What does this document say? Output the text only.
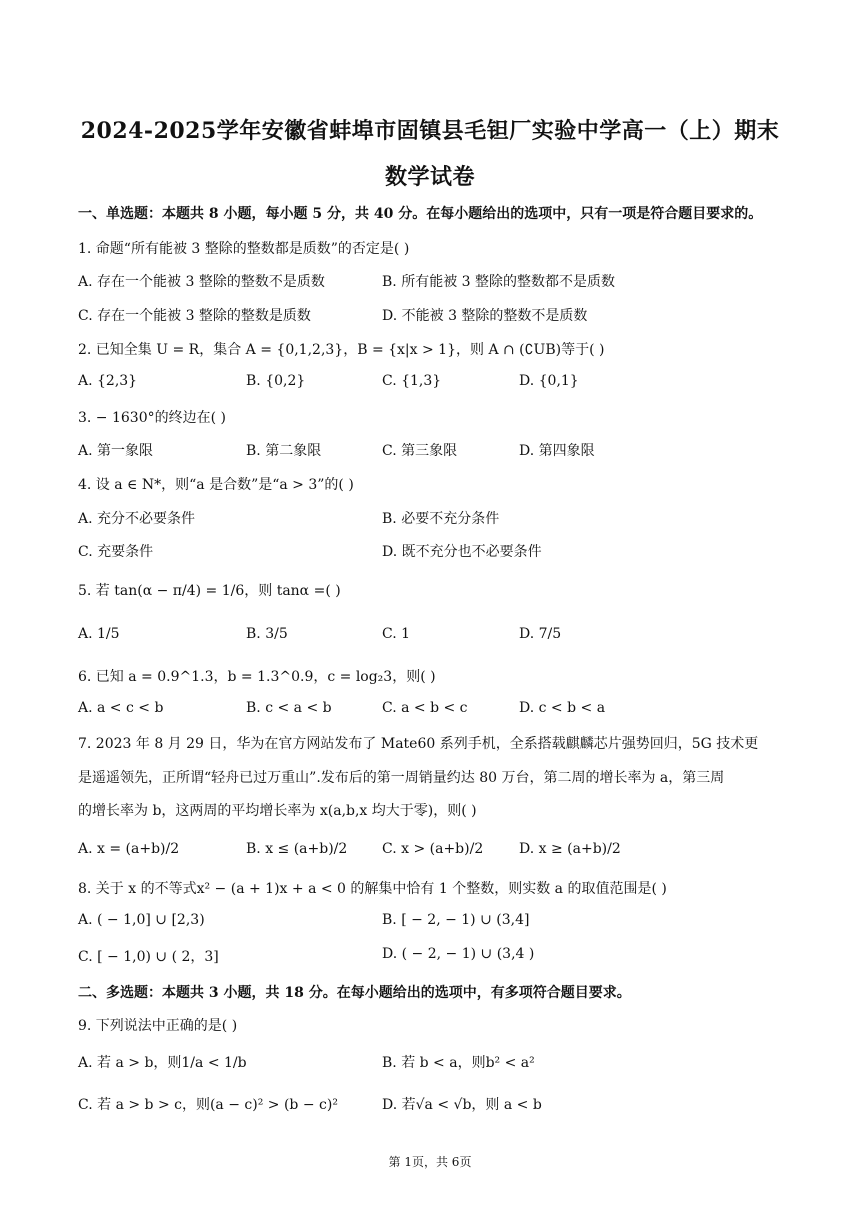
2024-2025学年安徽省蚌埠市固镇县毛钽厂实验中学高一（上）期末
数学试卷
一、单选题：本题共 8 小题，每小题 5 分，共 40 分。在每小题给出的选项中，只有一项是符合题目要求的。
1. 命题“所有能被 3 整除的整数都是质数”的否定是( )
A. 存在一个能被 3 整除的整数不是质数	B. 所有能被 3 整除的整数都不是质数
C. 存在一个能被 3 整除的整数是质数	D. 不能被 3 整除的整数不是质数
2. 已知全集 U = R，集合 A = {0,1,2,3}，B = {x|x > 1}，则 A ∩ (∁UB)等于( )
A. {2,3}	B. {0,2}	C. {1,3}	D. {0,1}
3. − 1630°的终边在( )
A. 第一象限	B. 第二象限	C. 第三象限	D. 第四象限
4. 设 a ∈ N*，则“a 是合数”是“a > 3”的( )
A. 充分不必要条件	B. 必要不充分条件
C. 充要条件	D. 既不充分也不必要条件
5. 若 tan(α − π/4) = 1/6，则 tanα =( )
A. 1/5	B. 3/5	C. 1	D. 7/5
6. 已知 a = 0.9^1.3，b = 1.3^0.9，c = log₂3，则( )
A. a < c < b	B. c < a < b	C. a < b < c	D. c < b < a
7. 2023 年 8 月 29 日，华为在官方网站发布了 Mate60 系列手机，全系搭载麒麟芯片强势回归，5G 技术更
是遥遥领先，正所谓“轻舟已过万重山”.发布后的第一周销量约达 80 万台，第二周的增长率为 a，第三周
的增长率为 b，这两周的平均增长率为 x(a,b,x 均大于零)，则( )
A. x = (a+b)/2	B. x ≤ (a+b)/2 C. x > (a+b)/2	D. x ≥ (a+b)/2
8. 关于 x 的不等式x² − (a + 1)x + a < 0 的解集中恰有 1 个整数，则实数 a 的取值范围是( )
A. ( − 1,0] ∪ [2,3)	B. [ − 2, − 1) ∪ (3,4]
C. [ − 1,0) ∪ ( 2，3]	D. ( − 2, − 1) ∪ (3,4 )
二、多选题：本题共 3 小题，共 18 分。在每小题给出的选项中，有多项符合题目要求。
9. 下列说法中正确的是( )
A. 若 a > b，则1/a < 1/b	B. 若 b < a，则b² < a²
C. 若 a > b > c，则(a − c)² > (b − c)²	D. 若√a < √b，则 a < b
第 1页，共 6页
